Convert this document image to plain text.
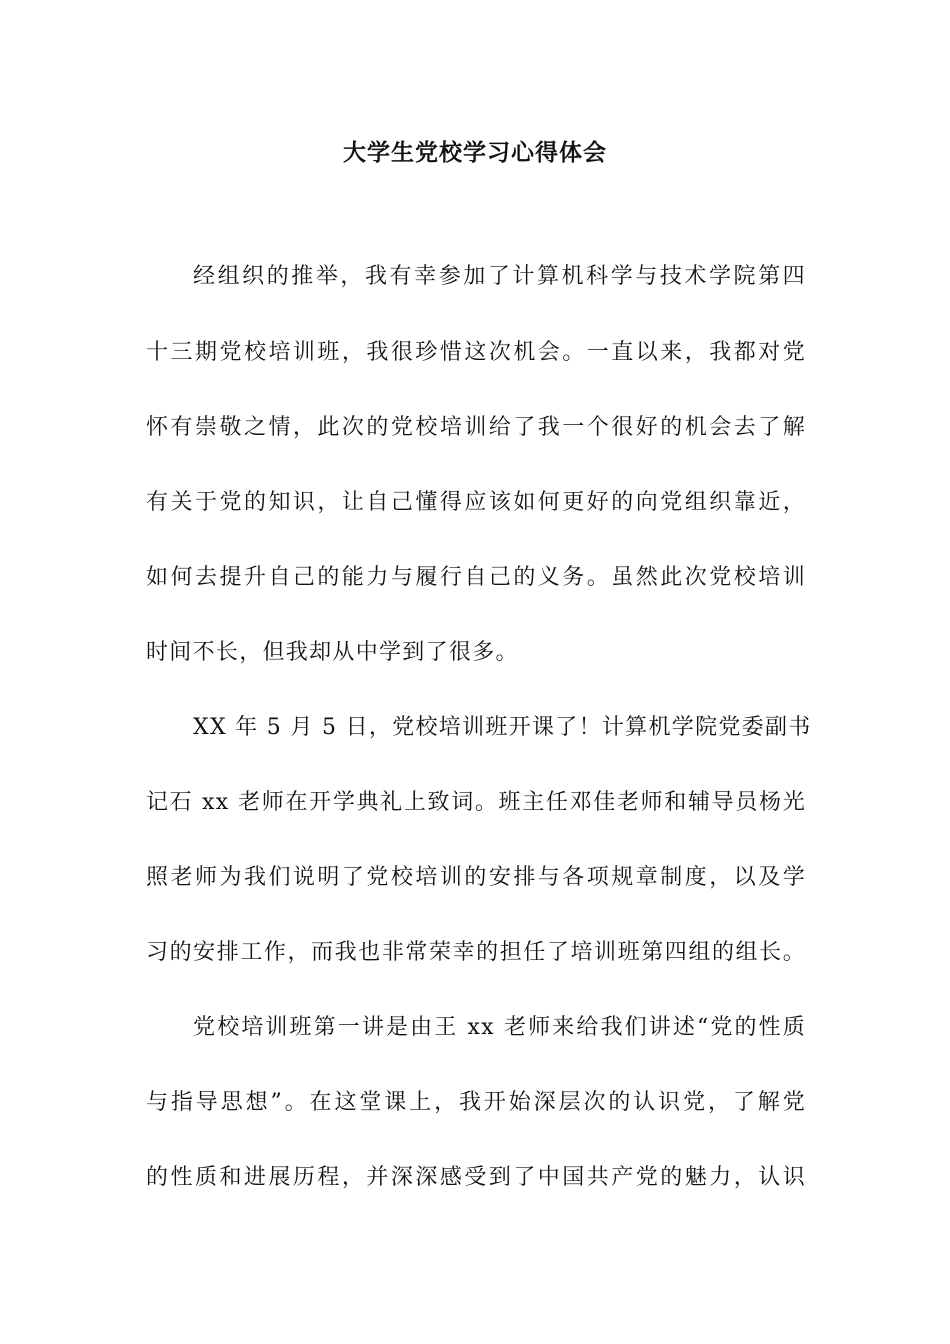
大学生党校学习心得体会
经组织的推举，我有幸参加了计算机科学与技术学院第四
十三期党校培训班，我很珍惜这次机会。一直以来，我都对党
怀有崇敬之情，此次的党校培训给了我一个很好的机会去了解
有关于党的知识，让自己懂得应该如何更好的向党组织靠近，
如何去提升自己的能力与履行自己的义务。虽然此次党校培训
时间不长，但我却从中学到了很多。
XX 年 5 月 5 日，党校培训班开课了！计算机学院党委副书
记石 xx 老师在开学典礼上致词。班主任邓佳老师和辅导员杨光
照老师为我们说明了党校培训的安排与各项规章制度，以及学
习的安排工作，而我也非常荣幸的担任了培训班第四组的组长。
党校培训班第一讲是由王 xx 老师来给我们讲述“党的性质
与指导思想”。在这堂课上，我开始深层次的认识党，了解党
的性质和进展历程，并深深感受到了中国共产党的魅力，认识
